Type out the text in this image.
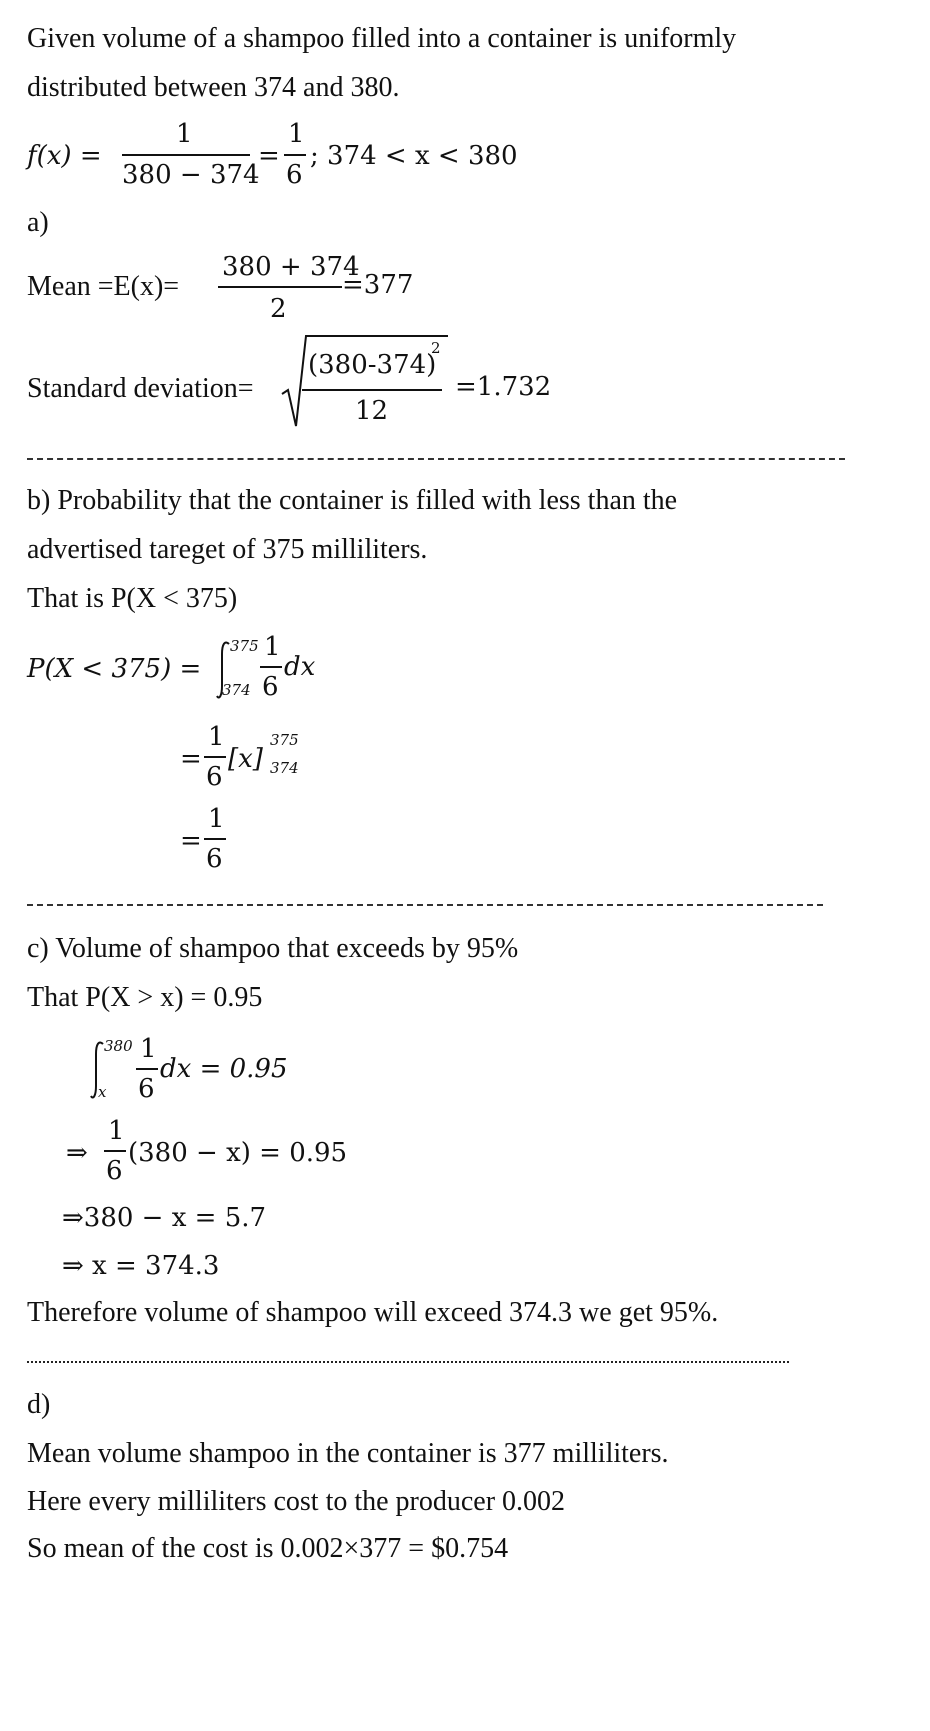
Given volume of a shampoo filled into a container is uniformly
distributed between 374 and 380.
f(x) =
1
380 − 374
=
1
6
; 374 < x < 380
a)
Mean =E(x)=
380 + 374
2
=377
Standard deviation=
(380-374)
2
12
=1.732
b) Probability that the container is filled with less than the
advertised tareget of 375 milliliters.
That is P(X < 375)
P(X < 375) =
375
374
1
6
dx
=
1
6
[x]
375
374
=
1
6
c) Volume of shampoo that exceeds by 95%
That P(X > x) = 0.95
380
x
1
6
dx = 0.95
⇒
1
6
(380 − x) = 0.95
⇒380 − x = 5.7
⇒ x = 374.3
Therefore volume of shampoo will exceed 374.3 we get 95%.
d)
Mean volume shampoo in the container is 377 milliliters.
Here every milliliters cost to the producer 0.002
So mean of the cost is 0.002×377 = $0.754
